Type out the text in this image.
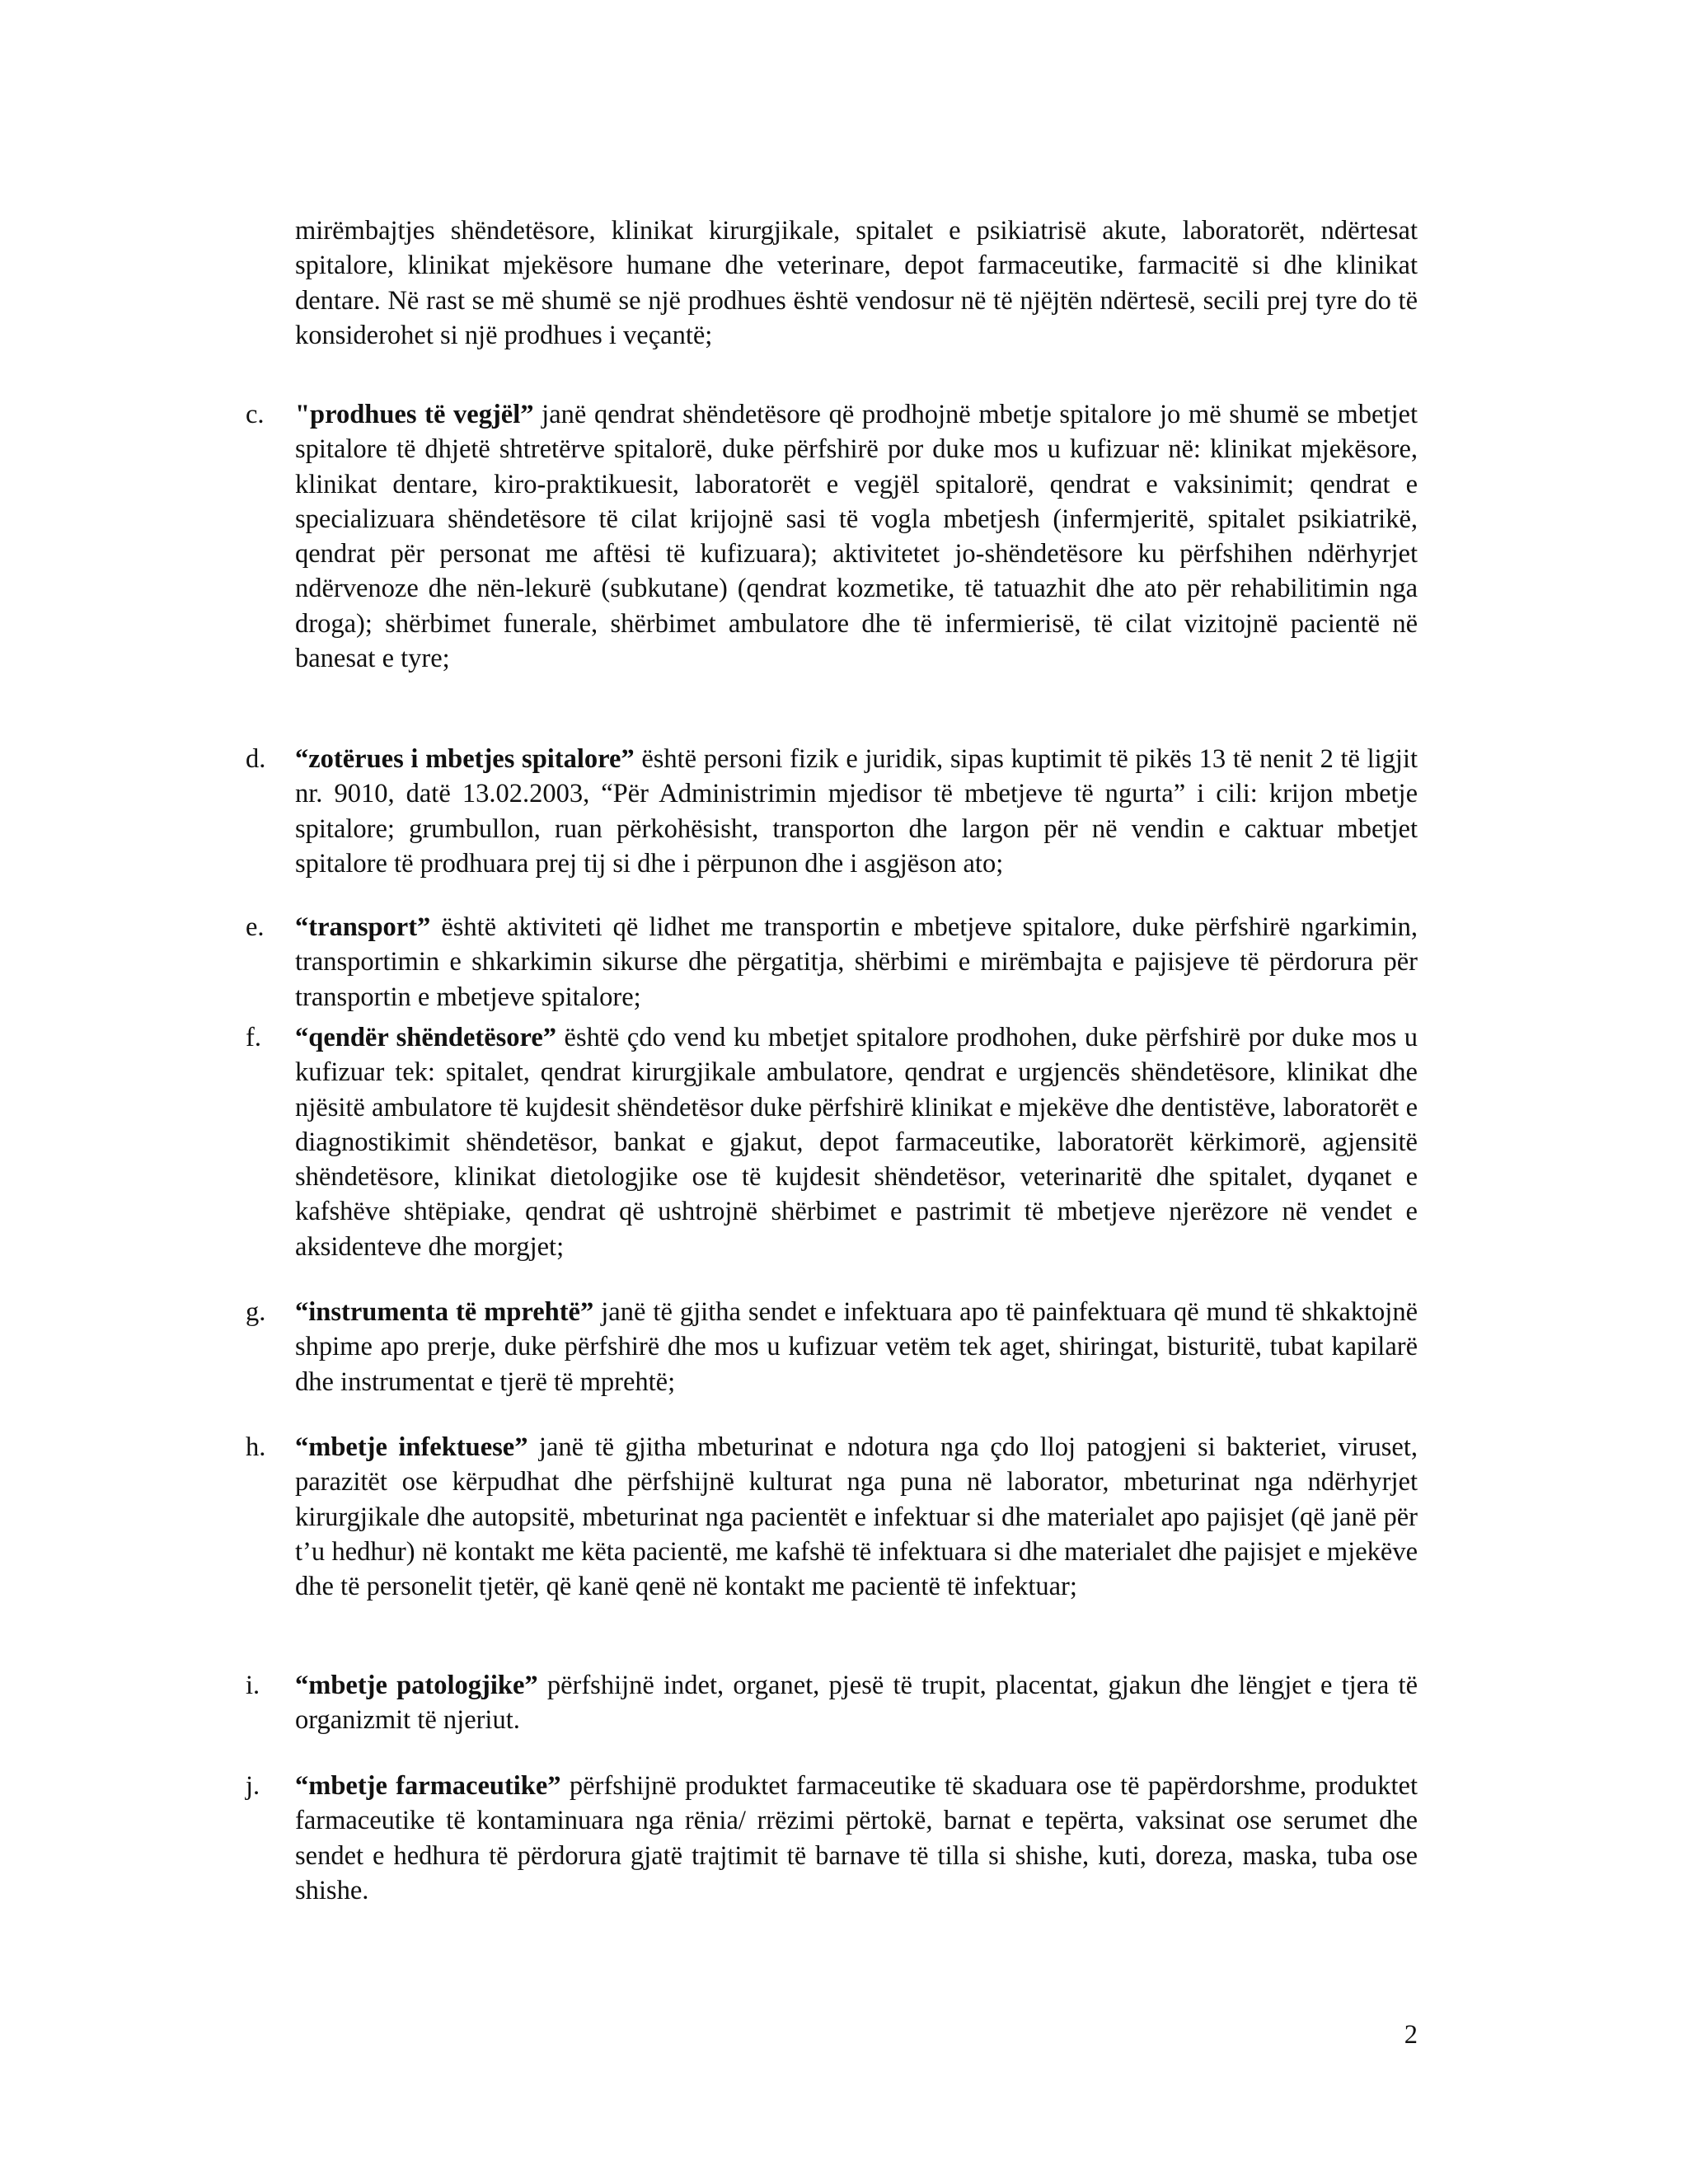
mirëmbajtjes shëndetësore, klinikat kirurgjikale, spitalet e psikiatrisë akute, laboratorët, ndërtesat spitalore, klinikat mjekësore humane dhe veterinare, depot farmaceutike, farmacitë si dhe klinikat dentare. Në rast se më shumë se një prodhues është vendosur në të njëjtën ndërtesë, secili prej tyre do të konsiderohet si një prodhues i veçantë;
c.	"prodhues të vegjël” janë qendrat shëndetësore që prodhojnë mbetje spitalore jo më shumë se mbetjet spitalore të dhjetë shtretërve spitalorë, duke përfshirë por duke mos u kufizuar në: klinikat mjekësore, klinikat dentare, kiro-praktikuesit, laboratorët e vegjël spitalorë, qendrat e vaksinimit; qendrat e specializuara shëndetësore të cilat krijojnë sasi të vogla mbetjesh (infermjeritë, spitalet psikiatrikë, qendrat për personat me aftësi të kufizuara); aktivitetet jo-shëndetësore ku përfshihen ndërhyrjet ndërvenoze dhe nën-lekurë (subkutane) (qendrat kozmetike, të tatuazhit dhe ato për rehabilitimin nga droga); shërbimet funerale, shërbimet ambulatore dhe të infermierisë, të cilat vizitojnë pacientë në banesat e tyre;
d.	“zotërues i mbetjes spitalore” është personi fizik e juridik, sipas kuptimit të pikës 13 të nenit 2 të ligjit nr. 9010, datë 13.02.2003, “Për Administrimin mjedisor të mbetjeve të ngurta” i cili: krijon mbetje spitalore; grumbullon, ruan përkohësisht, transporton dhe largon për në vendin e caktuar mbetjet spitalore të prodhuara prej tij si dhe i përpunon dhe i asgjëson ato;
e.	“transport” është aktiviteti që lidhet me transportin e mbetjeve spitalore, duke përfshirë ngarkimin, transportimin e shkarkimin sikurse dhe përgatitja, shërbimi e mirëmbajta e pajisjeve të përdorura për transportin e mbetjeve spitalore;
f.	“qendër shëndetësore” është çdo vend ku mbetjet spitalore prodhohen, duke përfshirë por duke mos u kufizuar tek: spitalet, qendrat kirurgjikale ambulatore, qendrat e urgjencës shëndetësore, klinikat dhe njësitë ambulatore të kujdesit shëndetësor duke përfshirë klinikat e mjekëve dhe dentistëve, laboratorët e diagnostikimit shëndetësor, bankat e gjakut, depot farmaceutike, laboratorët kërkimorë, agjensitë shëndetësore, klinikat dietologjike ose të kujdesit shëndetësor, veterinaritë dhe spitalet, dyqanet e kafshëve shtëpiake, qendrat që ushtrojnë shërbimet e pastrimit të mbetjeve njerëzore në vendet e aksidenteve dhe morgjet;
g.	“instrumenta të mprehtë” janë të gjitha sendet e infektuara apo të painfektuara që mund të shkaktojnë shpime apo prerje, duke përfshirë dhe mos u kufizuar vetëm tek aget, shiringat, bisturitë, tubat kapilarë dhe instrumentat e tjerë të mprehtë;
h.	“mbetje infektuese” janë të gjitha mbeturinat e ndotura nga çdo lloj patogjeni si bakteriet, viruset, parazitët ose kërpudhat dhe përfshijnë kulturat nga puna në laborator, mbeturinat nga ndërhyrjet kirurgjikale dhe autopsitë, mbeturinat nga pacientët e infektuar si dhe materialet apo pajisjet (që janë për t’u hedhur) në kontakt me këta pacientë, me kafshë të infektuara si dhe materialet dhe pajisjet e mjekëve dhe të personelit tjetër, që kanë qenë në kontakt me pacientë të infektuar;
i.	“mbetje patologjike” përfshijnë indet, organet, pjesë të trupit, placentat, gjakun dhe lëngjet e tjera të organizmit të njeriut.
j.	“mbetje farmaceutike” përfshijnë produktet farmaceutike të skaduara ose të papërdorshme, produktet farmaceutike të kontaminuara nga rënia/ rrëzimi përtokë, barnat e tepërta, vaksinat ose serumet dhe sendet e hedhura të përdorura gjatë trajtimit të barnave të tilla si shishe, kuti, doreza, maska, tuba ose shishe.
2
